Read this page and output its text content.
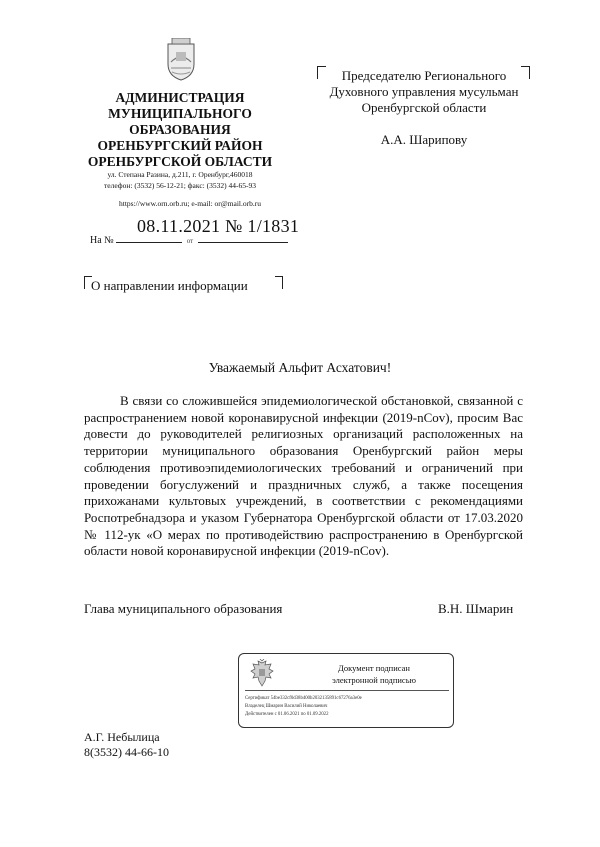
АДМИНИСТРАЦИЯ
МУНИЦИПАЛЬНОГО
ОБРАЗОВАНИЯ
ОРЕНБУРГСКИЙ РАЙОН
ОРЕНБУРГСКОЙ ОБЛАСТИ
ул. Степана Разина, д.211, г. Оренбург,460018
телефон: (3532) 56-12-21; факс: (3532) 44-65-93
https://www.orn.orb.ru; e-mail: or@mail.orb.ru
08.11.2021 № 1/1831
На №	от
Председателю Регионального
Духовного управления мусульман
Оренбургской области
А.А. Шарипову
О направлении информации
Уважаемый Альфит Асхатович!
В связи со сложившейся эпидемиологической обстановкой, связанной с распространением новой коронавирусной инфекции (2019-nCov), просим Вас довести до руководителей религиозных организаций расположенных на территории муниципального образования Оренбургский район меры соблюдения противоэпидемиологических требований и ограничений при проведении богуслужений и праздничных служб, а также посещения прихожанами культовых учреждений, в соответствии с рекомендациями Роспотребнадзора и указом Губернатора Оренбургской области от 17.03.2020 № 112-ук «О мерах по противодействию распространению в Оренбургской области новой коронавирусной инфекции (2019-nCov).
Глава муниципального образования	В.Н. Шмарин
Документ подписан
электронной подписью
Сертификат 54be332cf0d38b400b2032135891c67276a3e0e
Владелец Шмарин Василий Николаевич
Действителен с 01.06.2021 по 01.09.2022
А.Г. Небылица
8(3532) 44-66-10
